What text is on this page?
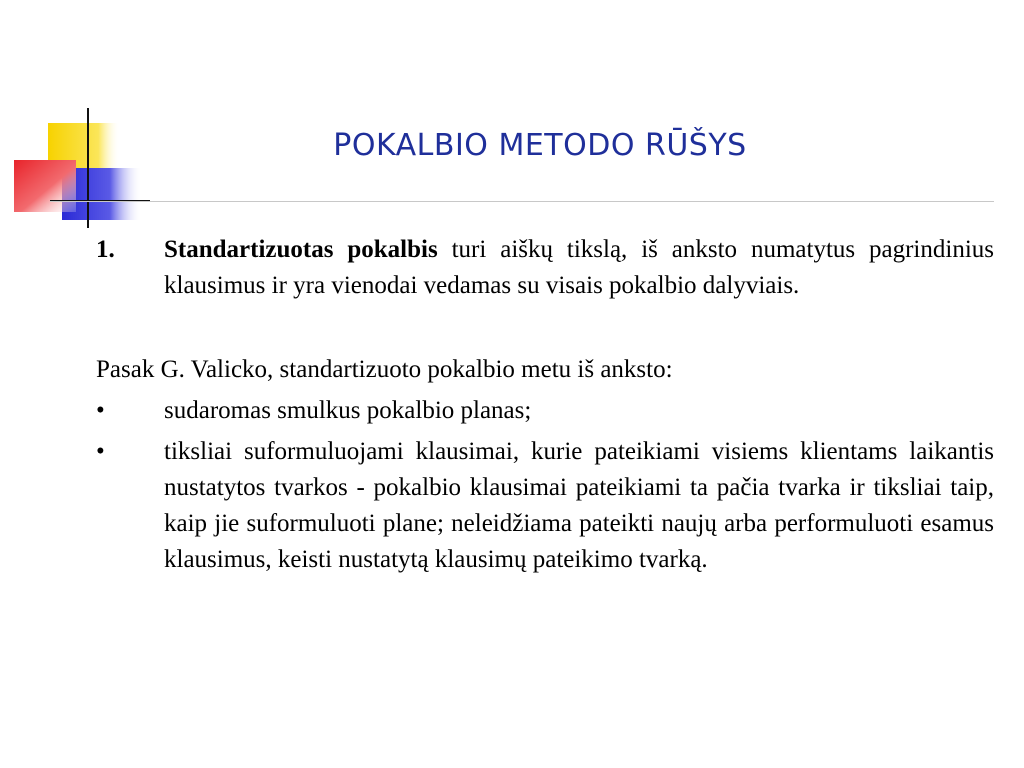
POKALBIO METODO RŪŠYS
1.	Standartizuotas pokalbis turi aiškų tikslą, iš anksto numatytus pagrindinius klausimus ir yra vienodai vedamas su visais pokalbio dalyviais.

Pasak G. Valicko, standartizuoto pokalbio metu iš anksto:

•	sudaromas smulkus pokalbio planas;
•	tiksliai suformuluojami klausimai, kurie pateikiami visiems klientams laikantis nustatytos tvarkos - pokalbio klausimai pateikiami ta pačia tvarka ir tiksliai taip, kaip jie suformuluoti plane; neleidžiama pateikti naujų arba performuluoti esamus klausimus, keisti nustatytą klausimų pateikimo tvarką.
